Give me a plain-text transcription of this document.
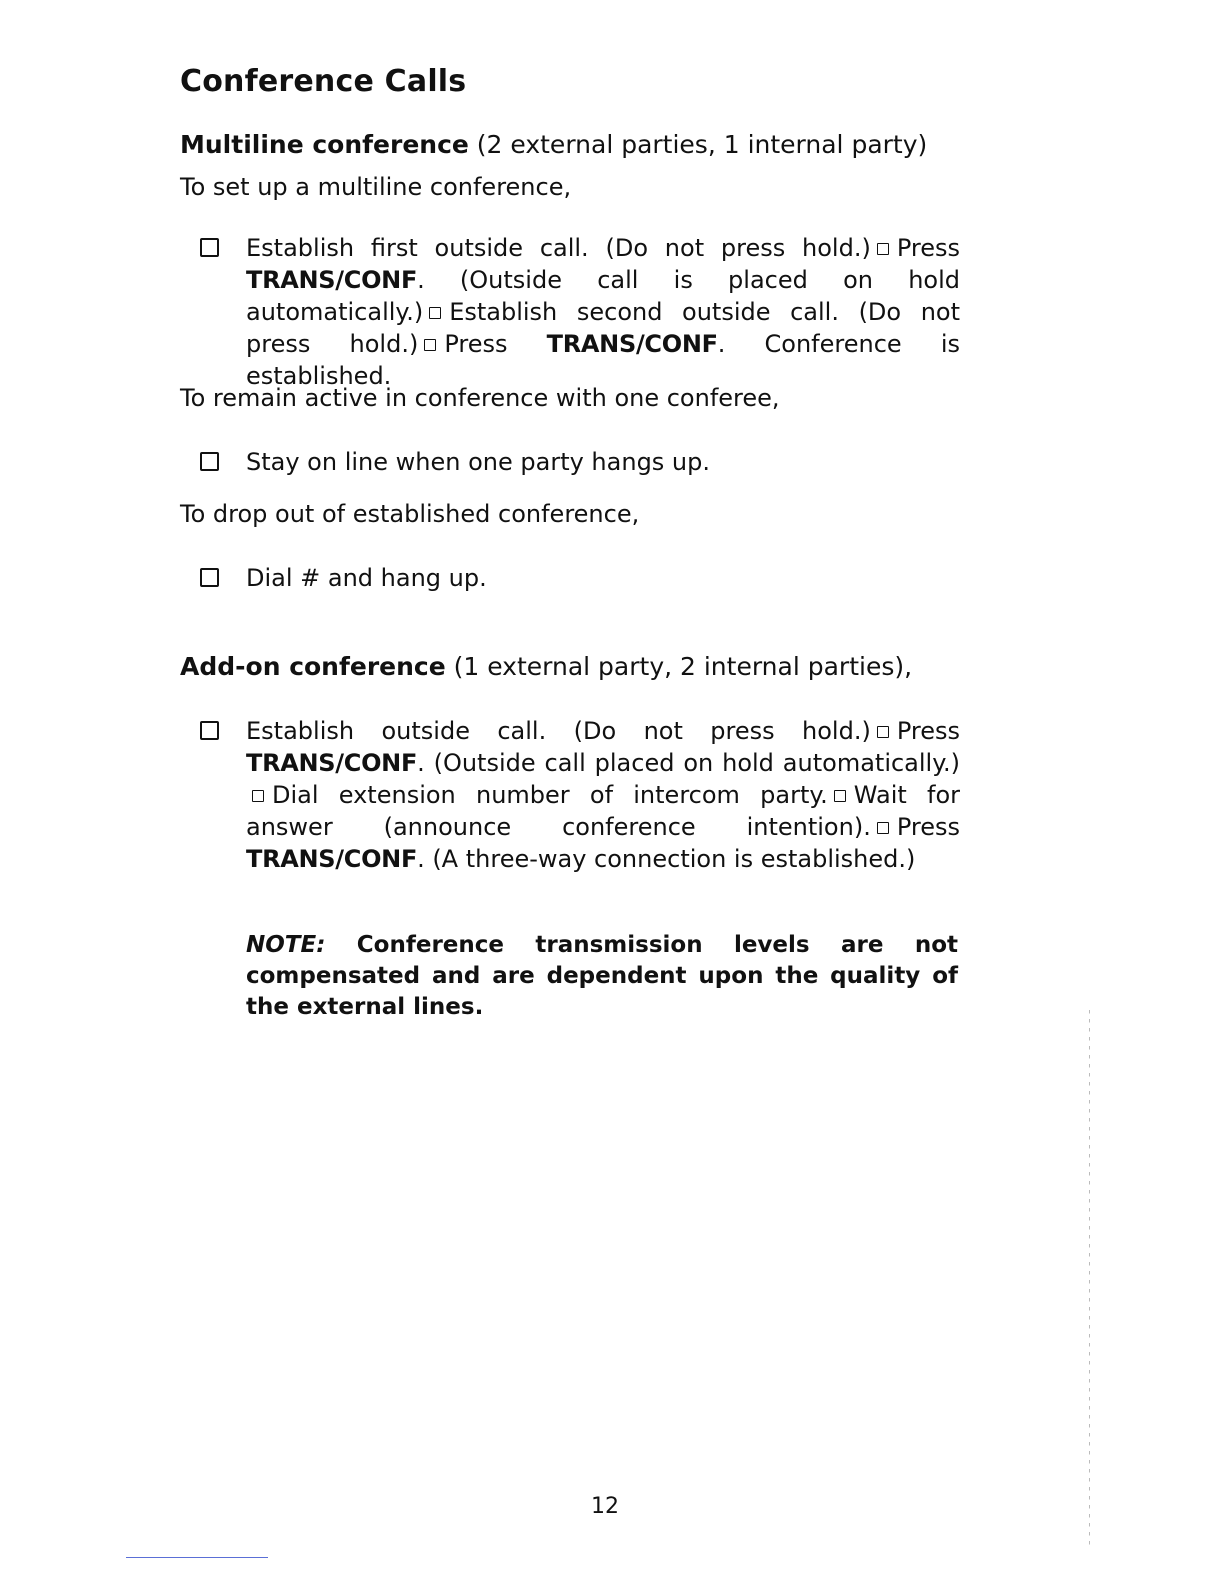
Conference Calls
Multiline conference (2 external parties, 1 internal party)
To set up a multiline conference,
Establish first outside call. (Do not press hold.) Press TRANS/CONF. (Outside call is placed on hold automatically.) Establish second outside call. (Do not press hold.) Press TRANS/CONF. Conference is established.
To remain active in conference with one conferee,
Stay on line when one party hangs up.
To drop out of established conference,
Dial # and hang up.
Add-on conference (1 external party, 2 internal parties),
Establish outside call. (Do not press hold.) Press TRANS/CONF. (Outside call placed on hold automatically.)Dial extension number of intercom party. Wait for answer (announce conference intention). Press TRANS/CONF. (A three-way connection is established.)
NOTE: Conference transmission levels are not compensated and are dependent upon the quality of the external lines.
12
